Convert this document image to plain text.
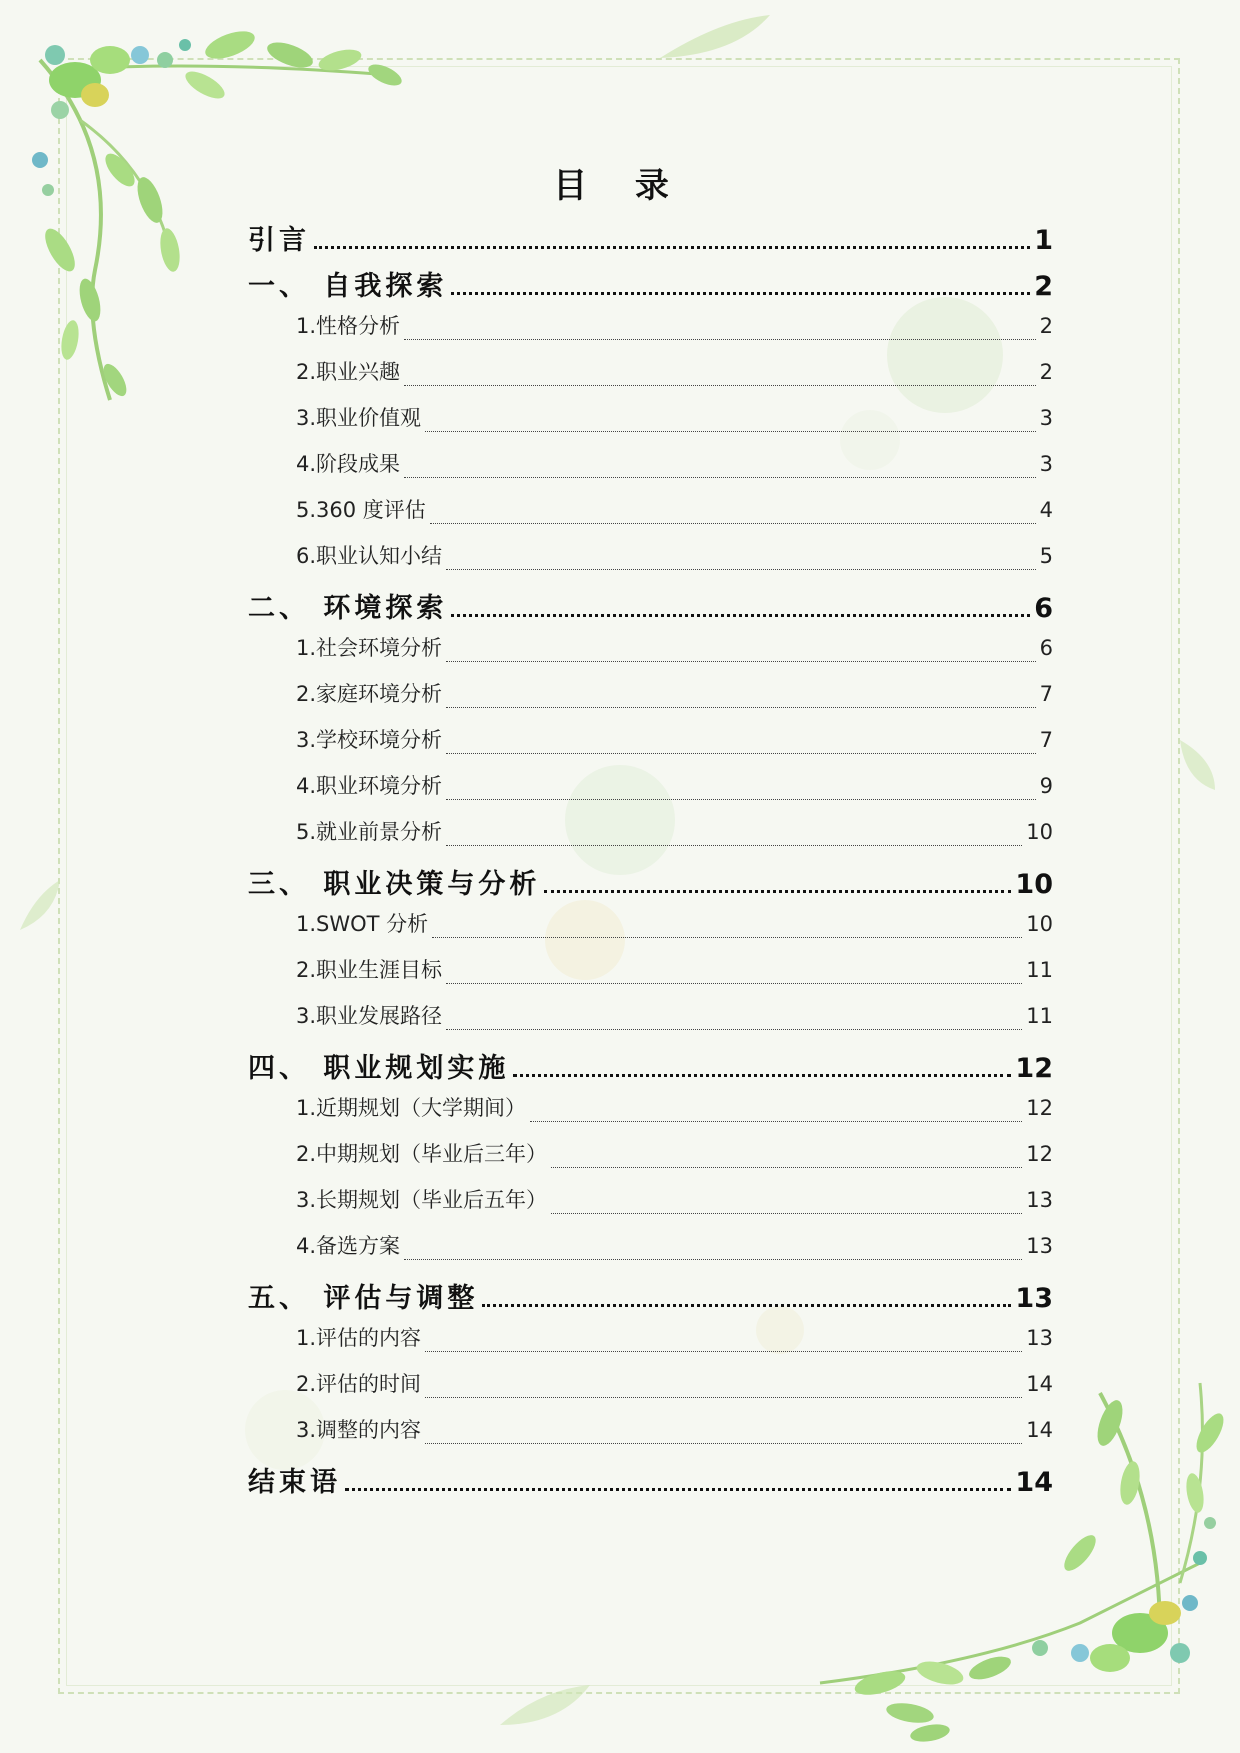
目 录
引言	1
一、 自我探索	2
1.性格分析	2
2.职业兴趣	2
3.职业价值观	3
4.阶段成果	3
5.360 度评估	4
6.职业认知小结	5
二、 环境探索	6
1.社会环境分析	6
2.家庭环境分析	7
3.学校环境分析	7
4.职业环境分析	9
5.就业前景分析	10
三、 职业决策与分析	10
1.SWOT 分析	10
2.职业生涯目标	11
3.职业发展路径	11
四、 职业规划实施	12
1.近期规划（大学期间）	12
2.中期规划（毕业后三年）	12
3.长期规划（毕业后五年）	13
4.备选方案	13
五、 评估与调整	13
1.评估的内容	13
2.评估的时间	14
3.调整的内容	14
结束语	14
